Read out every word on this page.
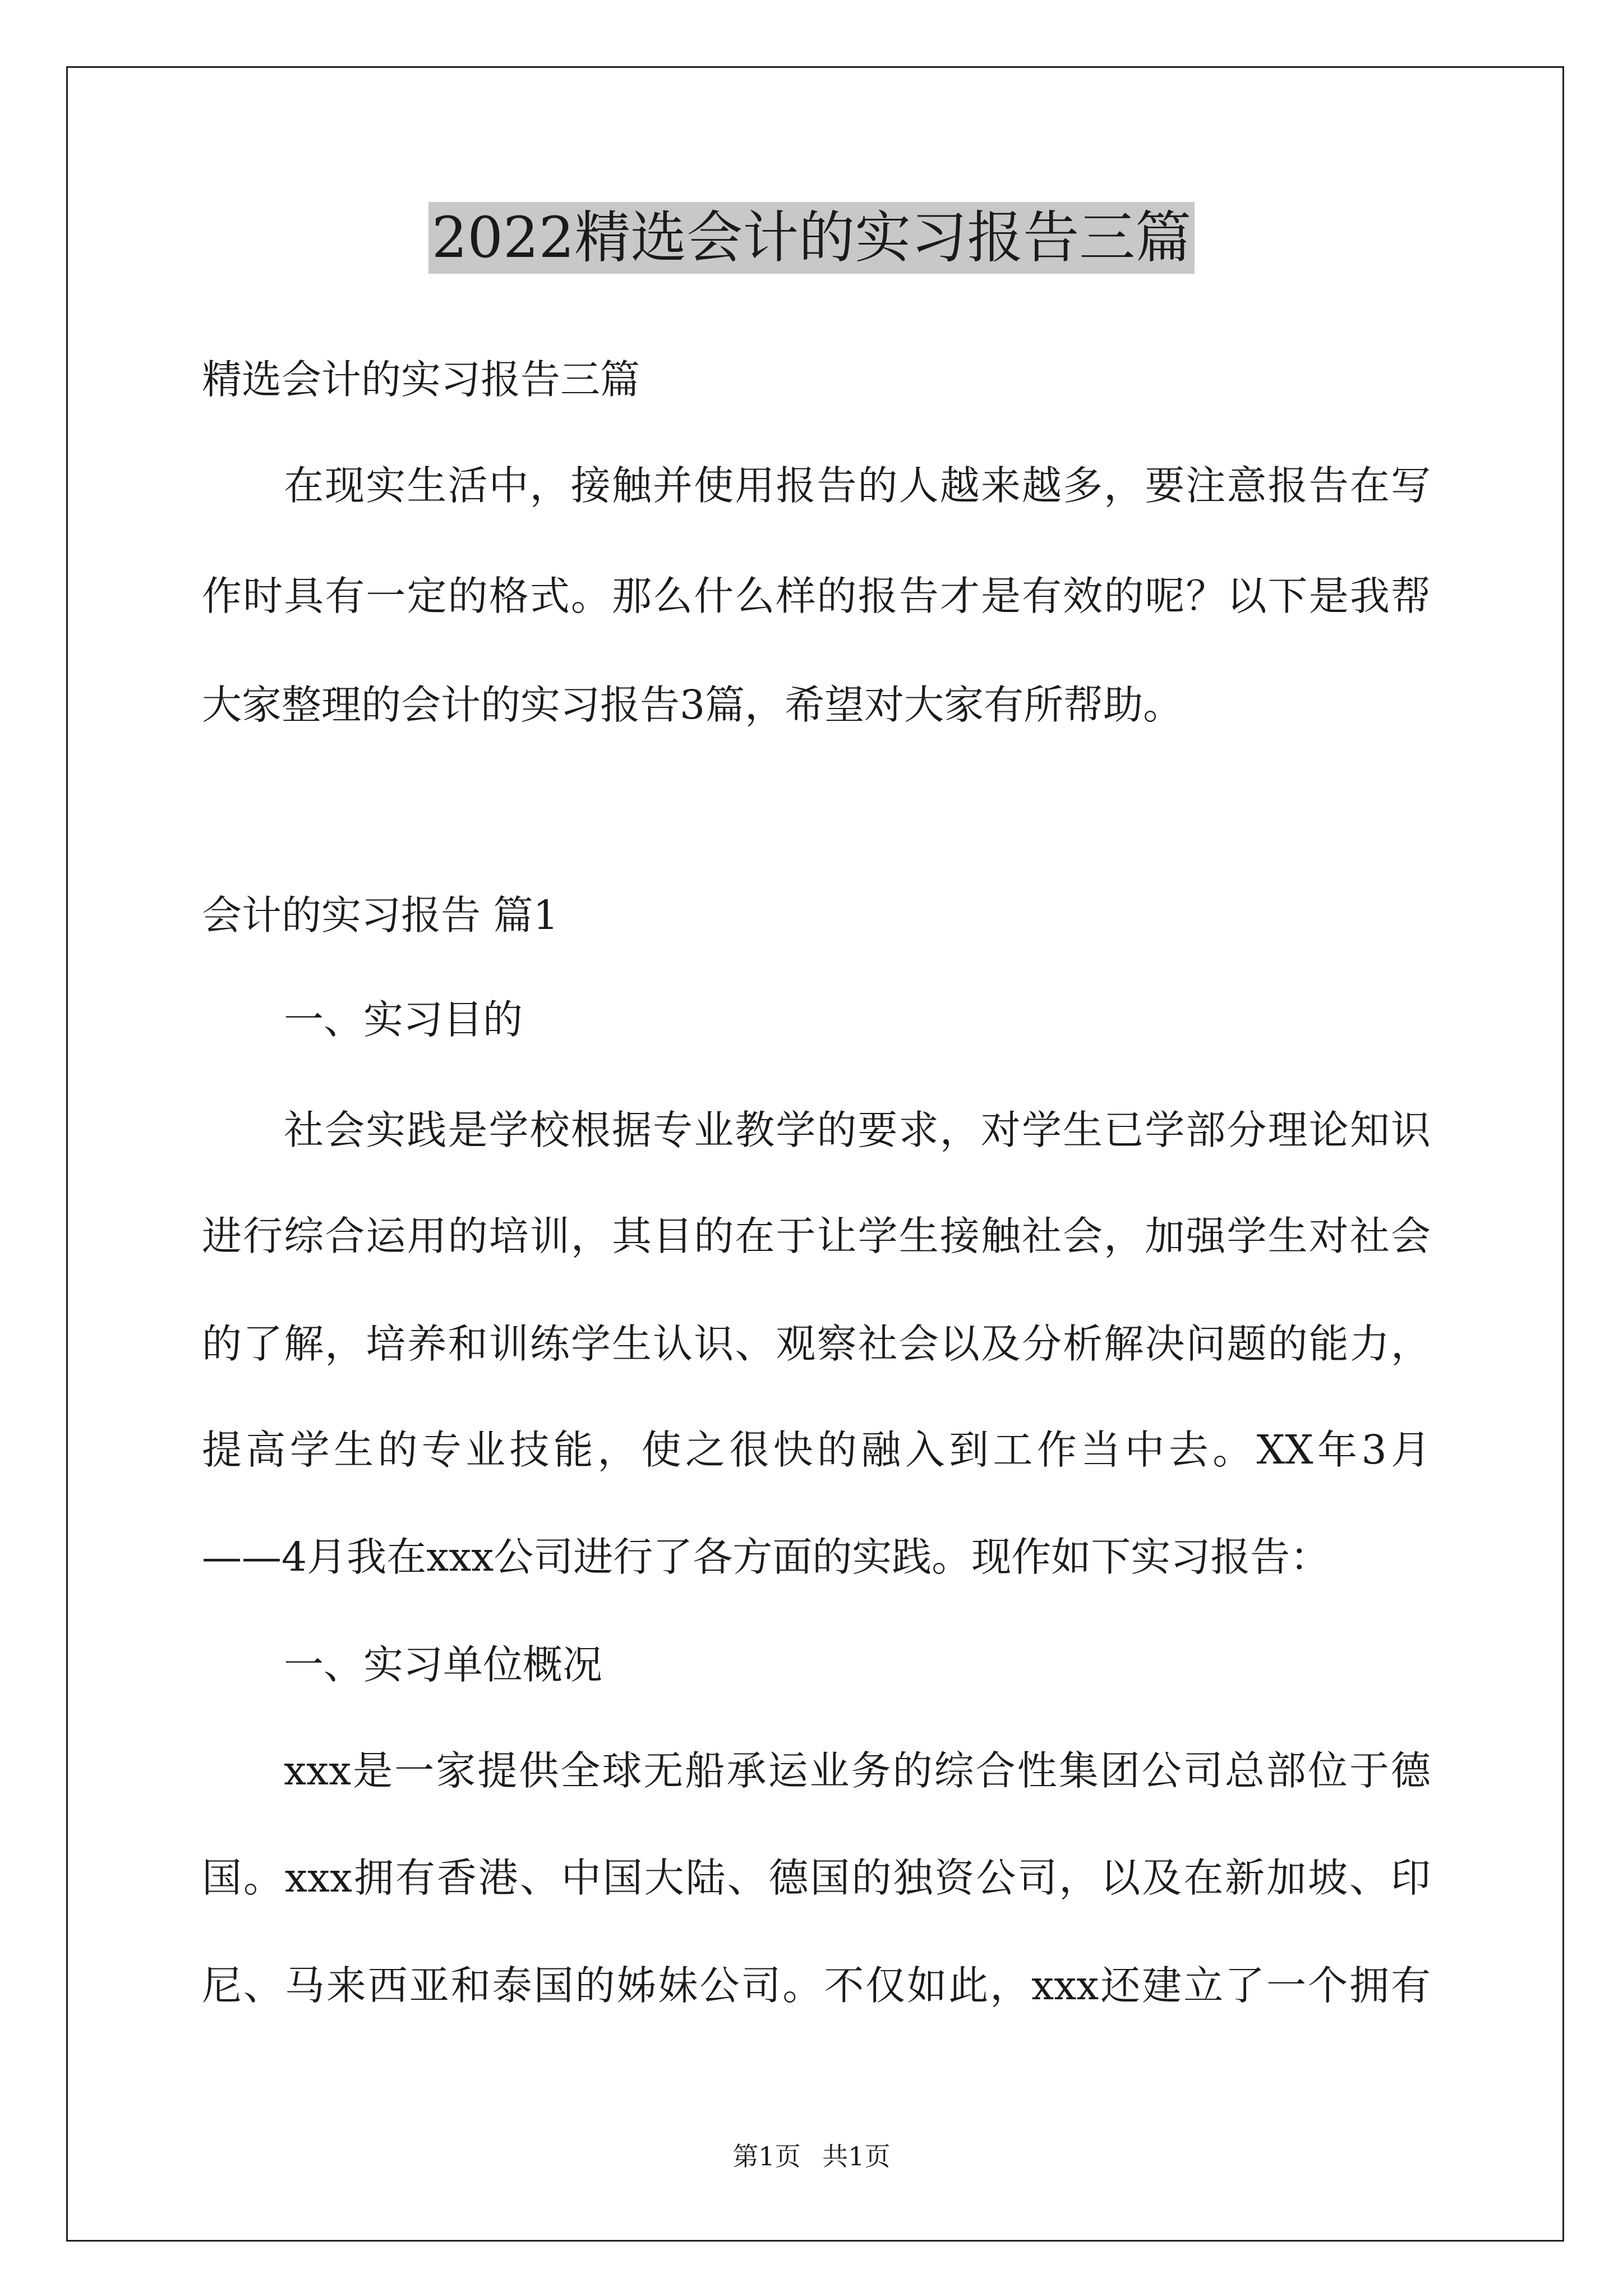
2022精选会计的实习报告三篇
精选会计的实习报告三篇
在现实生活中，接触并使用报告的人越来越多，要注意报告在写
作时具有一定的格式。那么什么样的报告才是有效的呢？以下是我帮
大家整理的会计的实习报告3篇，希望对大家有所帮助。
会计的实习报告 篇1
一、实习目的
社会实践是学校根据专业教学的要求，对学生已学部分理论知识
进行综合运用的培训，其目的在于让学生接触社会，加强学生对社会
的了解，培养和训练学生认识、观察社会以及分析解决问题的能力，
提高学生的专业技能，使之很快的融入到工作当中去。XX年3月
——4月我在xxx公司进行了各方面的实践。现作如下实习报告：
一、实习单位概况
xxx是一家提供全球无船承运业务的综合性集团公司总部位于德
国。xxx拥有香港、中国大陆、德国的独资公司，以及在新加坡、印
尼、马来西亚和泰国的姊妹公司。不仅如此，xxx还建立了一个拥有
第1页 共1页
